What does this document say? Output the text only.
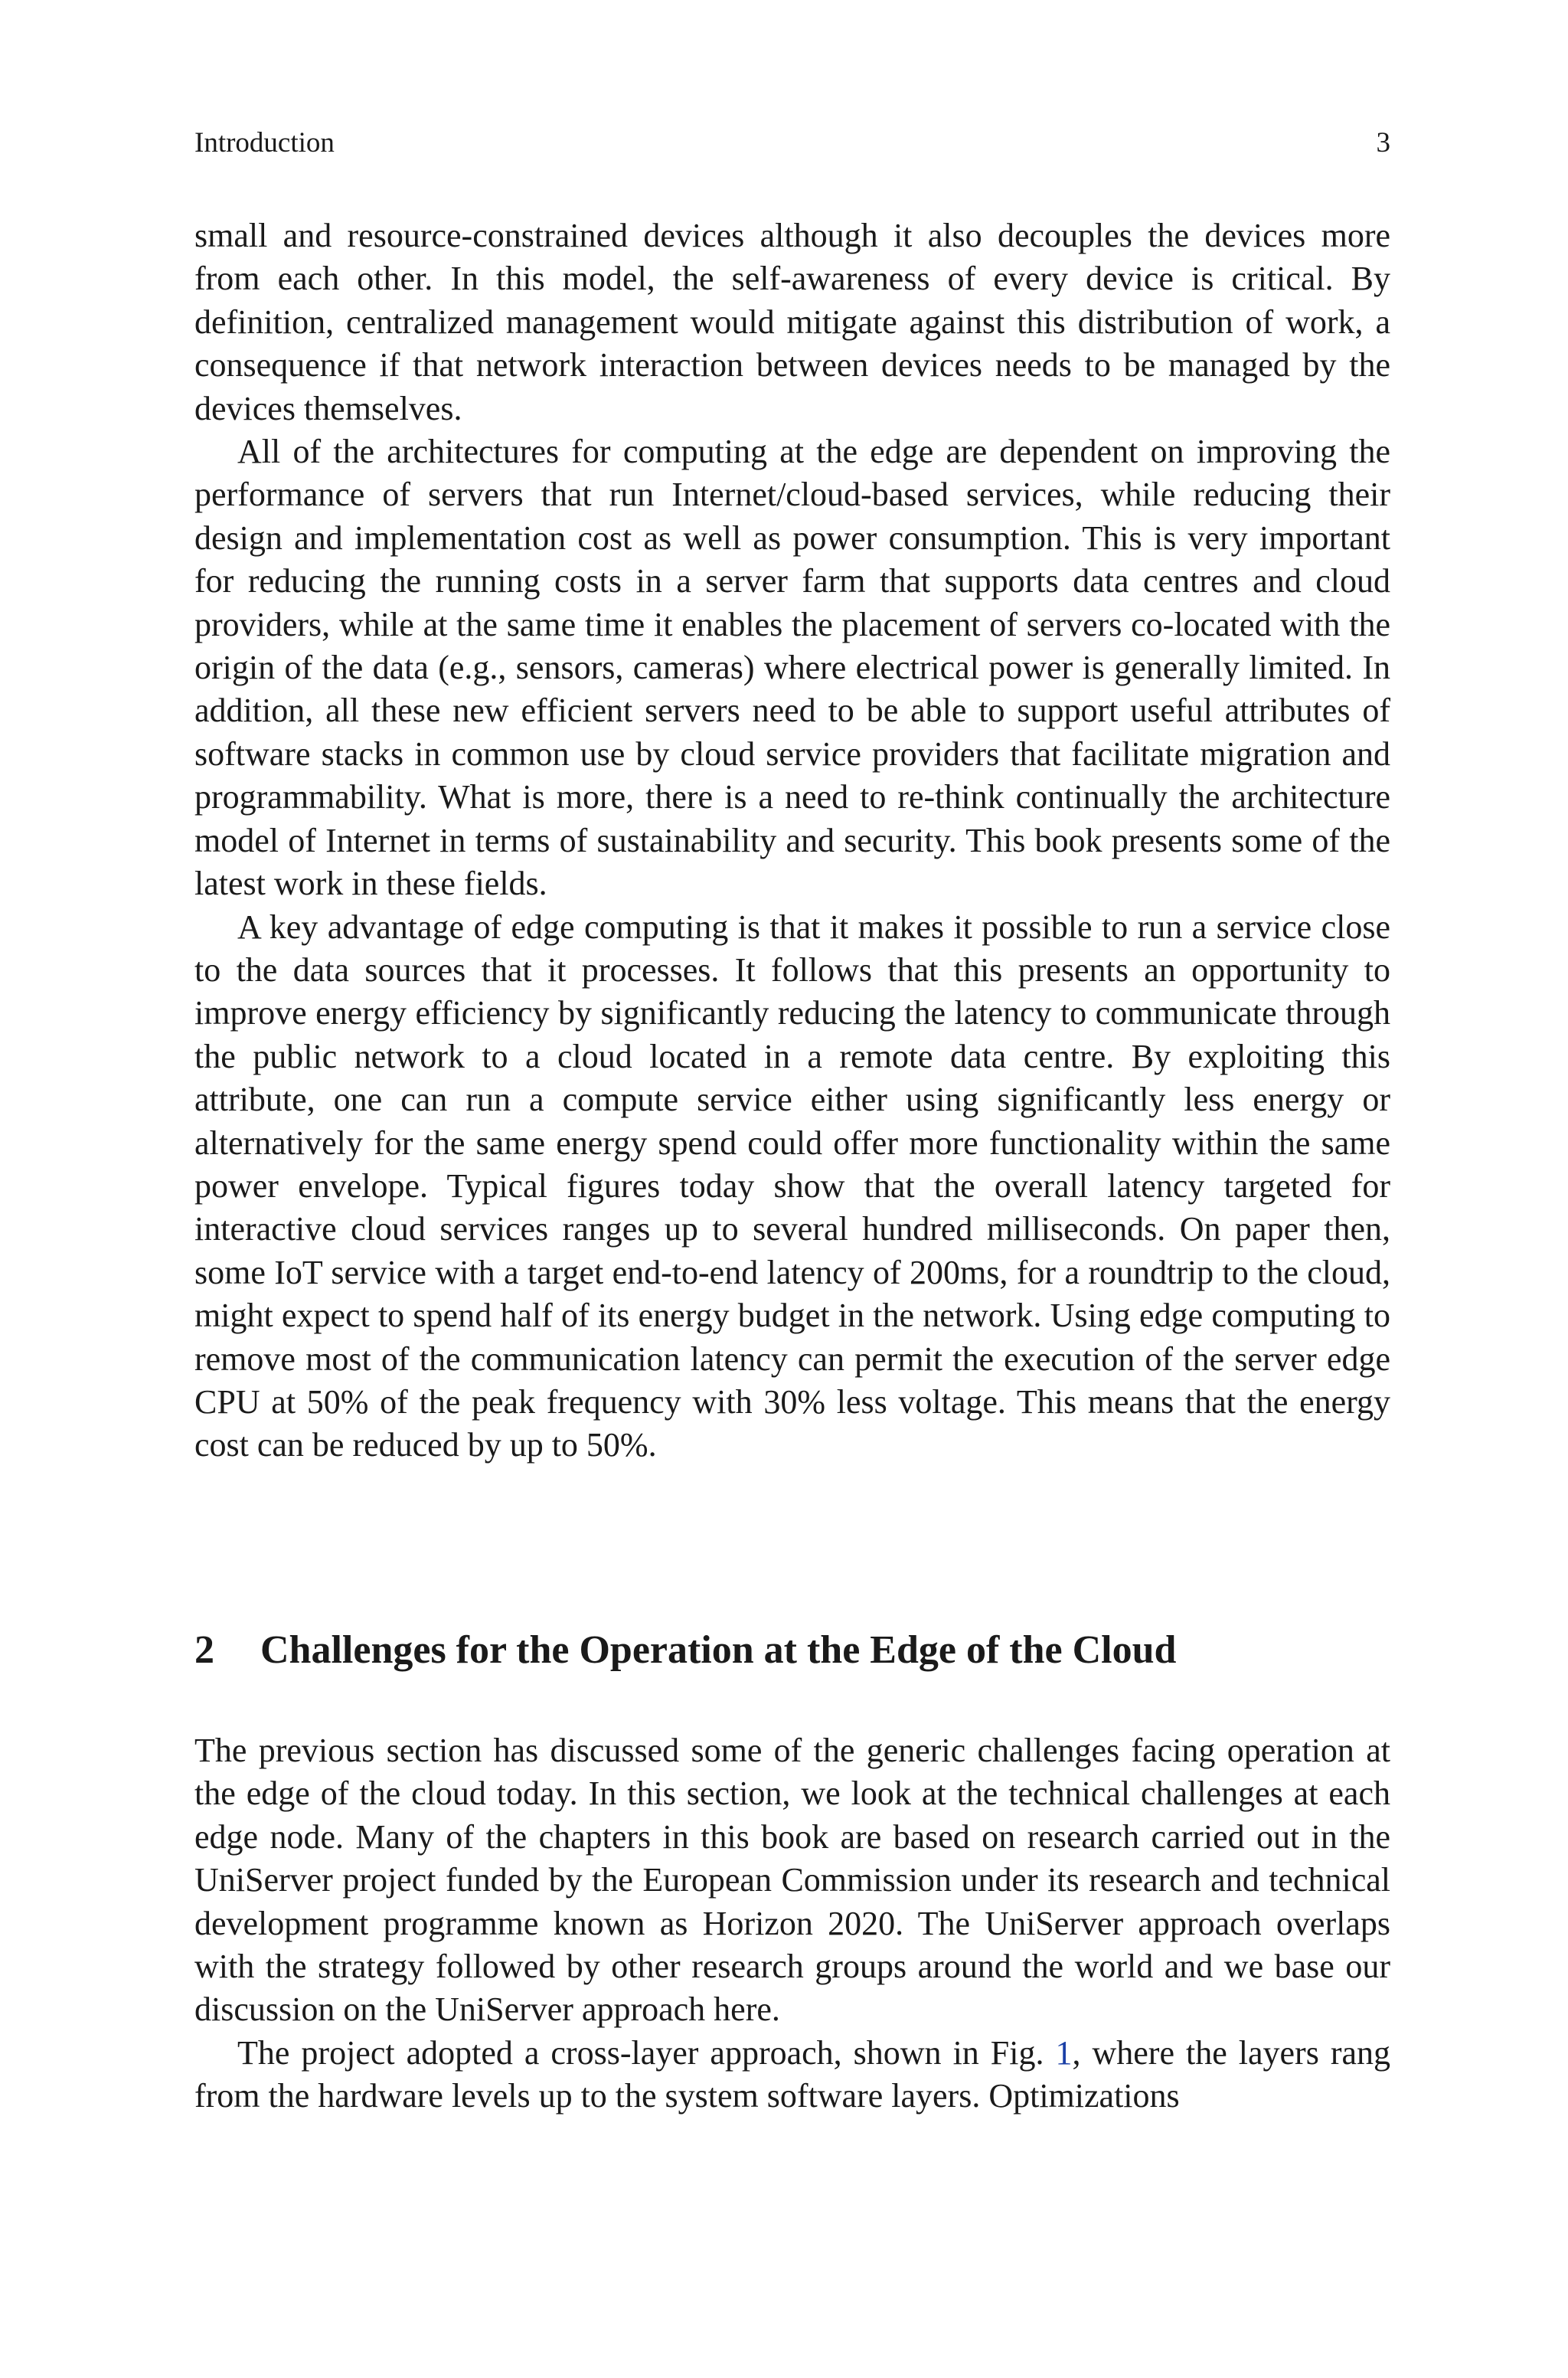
Introduction	3

small and resource-constrained devices although it also decouples the devices more from each other. In this model, the self-awareness of every device is critical. By definition, centralized management would mitigate against this distribution of work, a consequence if that network interaction between devices needs to be managed by the devices themselves.

All of the architectures for computing at the edge are dependent on improving the performance of servers that run Internet/cloud-based services, while reducing their design and implementation cost as well as power consumption. This is very important for reducing the running costs in a server farm that supports data centres and cloud providers, while at the same time it enables the placement of servers co-located with the origin of the data (e.g., sensors, cameras) where electrical power is generally limited. In addition, all these new efficient servers need to be able to support useful attributes of software stacks in common use by cloud service providers that facilitate migration and programmability. What is more, there is a need to re-think continually the architecture model of Internet in terms of sustainability and security. This book presents some of the latest work in these fields.

A key advantage of edge computing is that it makes it possible to run a service close to the data sources that it processes. It follows that this presents an opportunity to improve energy efficiency by significantly reducing the latency to communicate through the public network to a cloud located in a remote data centre. By exploiting this attribute, one can run a compute service either using significantly less energy or alternatively for the same energy spend could offer more functionality within the same power envelope. Typical figures today show that the overall latency targeted for interactive cloud services ranges up to several hundred milliseconds. On paper then, some IoT service with a target end-to-end latency of 200ms, for a roundtrip to the cloud, might expect to spend half of its energy budget in the network. Using edge computing to remove most of the communication latency can permit the execution of the server edge CPU at 50% of the peak frequency with 30% less voltage. This means that the energy cost can be reduced by up to 50%.

2 Challenges for the Operation at the Edge of the Cloud

The previous section has discussed some of the generic challenges facing operation at the edge of the cloud today. In this section, we look at the technical challenges at each edge node. Many of the chapters in this book are based on research carried out in the UniServer project funded by the European Commission under its research and technical development programme known as Horizon 2020. The UniServer approach overlaps with the strategy followed by other research groups around the world and we base our discussion on the UniServer approach here.

The project adopted a cross-layer approach, shown in Fig. 1, where the layers rang from the hardware levels up to the system software layers. Optimizations
